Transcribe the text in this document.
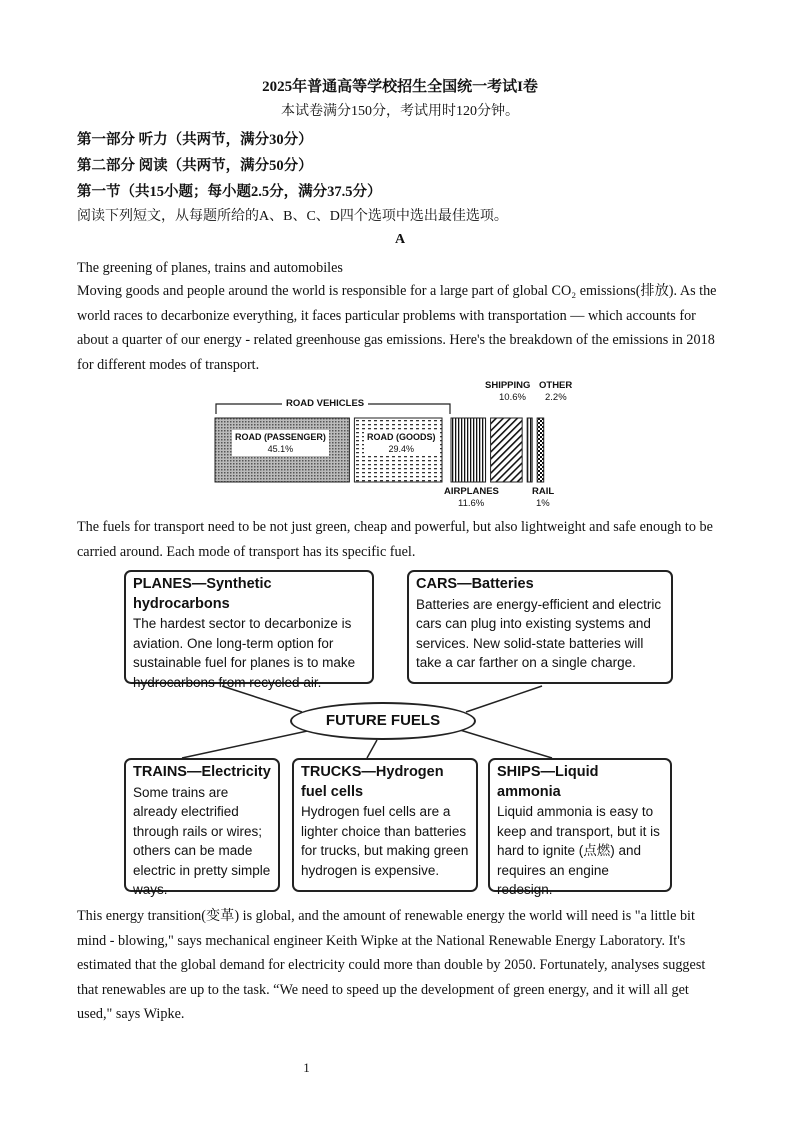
2025年普通高等学校招生全国统一考试I卷
本试卷满分150分，考试用时120分钟。
第一部分 听力（共两节，满分30分）
第二部分 阅读（共两节，满分50分）
第一节（共15小题；每小题2.5分，满分37.5分）
阅读下列短文，从每题所给的A、B、C、D四个选项中选出最佳选项。
A
The greening of planes, trains and automobiles
Moving goods and people around the world is responsible for a large part of global CO₂ emissions(排放). As the world races to decarbonize everything, it faces particular problems with transportation — which accounts for about a quarter of our energy - related greenhouse gas emissions. Here's the breakdown of the emissions in 2018 for different modes of transport.
ROAD VEHICLES
ROAD (PASSENGER)
45.1%
ROAD (GOODS)
29.4%
AIRPLANES
11.6%
SHIPPING
10.6%
RAIL
1%
OTHER
2.2%
The fuels for transport need to be not just green, cheap and powerful, but also lightweight and safe enough to be carried around. Each mode of transport has its specific fuel.
PLANES—Synthetic hydrocarbons
The hardest sector to decarbonize is aviation. One long-term option for sustainable fuel for planes is to make hydrocarbons from recycled air.
CARS—Batteries
Batteries are energy-efficient and electric cars can plug into existing systems and services. New solid-state batteries will take a car farther on a single charge.
FUTURE FUELS
TRAINS—Electricity
Some trains are already electrified through rails or wires; others can be made electric in pretty simple ways.
TRUCKS—Hydrogen fuel cells
Hydrogen fuel cells are a lighter choice than batteries for trucks, but making green hydrogen is expensive.
SHIPS—Liquid ammonia
Liquid ammonia is easy to keep and transport, but it is hard to ignite (点燃) and requires an engine redesign.
This energy transition(变革) is global, and the amount of renewable energy the world will need is "a little bit mind - blowing," says mechanical engineer Keith Wipke at the National Renewable Energy Laboratory. It's estimated that the global demand for electricity could more than double by 2050. Fortunately, analyses suggest that renewables are up to the task. “We need to speed up the development of green energy, and it will all get used," says Wipke.
1
